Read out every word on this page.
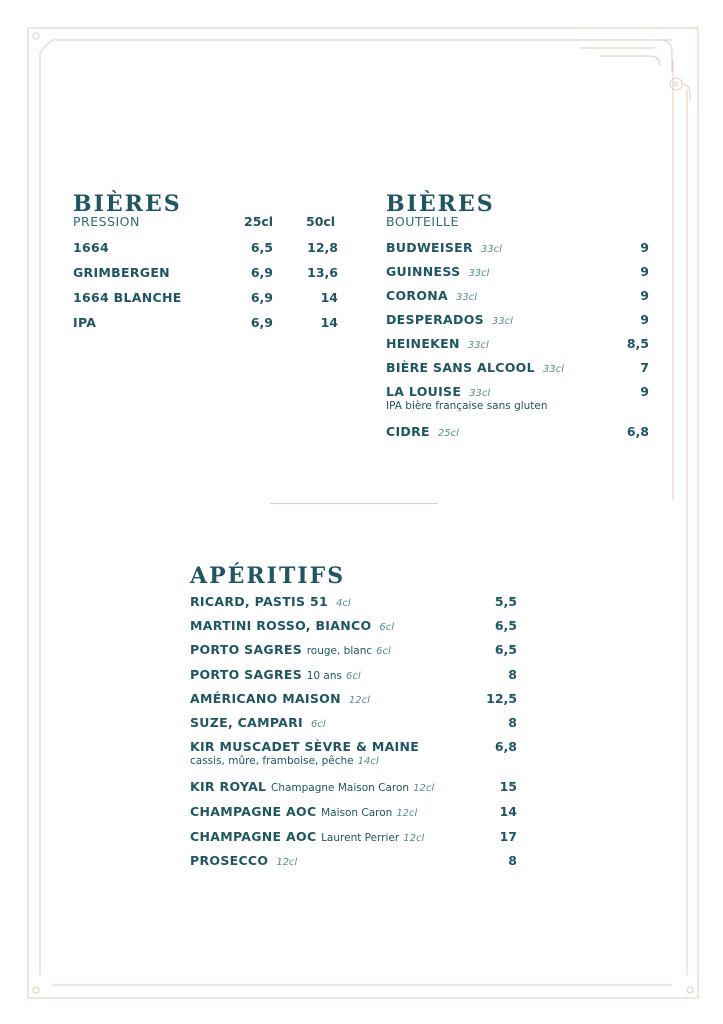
BIÈRES
PRESSION	25cl	50cl
1664	6,5	12,8
GRIMBERGEN	6,9	13,6
1664 BLANCHE	6,9	14
IPA	6,9	14
BIÈRES
BOUTEILLE
BUDWEISER 33cl	9
GUINNESS 33cl	9
CORONA 33cl	9
DESPERADOS 33cl	9
HEINEKEN 33cl	8,5
BIÈRE SANS ALCOOL 33cl	7
LA LOUISE 33cl	9
IPA bière française sans gluten
CIDRE 25cl	6,8
APÉRITIFS
RICARD, PASTIS 51 4cl	5,5
MARTINI ROSSO, BIANCO 6cl	6,5
PORTO SAGRES rouge, blanc 6cl	6,5
PORTO SAGRES 10 ans 6cl	8
AMÉRICANO MAISON 12cl	12,5
SUZE, CAMPARI 6cl	8
KIR MUSCADET SÈVRE & MAINE	6,8
cassis, mûre, framboise, pêche 14cl
KIR ROYAL Champagne Maison Caron 12cl	15
CHAMPAGNE AOC Maison Caron 12cl	14
CHAMPAGNE AOC Laurent Perrier 12cl	17
PROSECCO 12cl	8
